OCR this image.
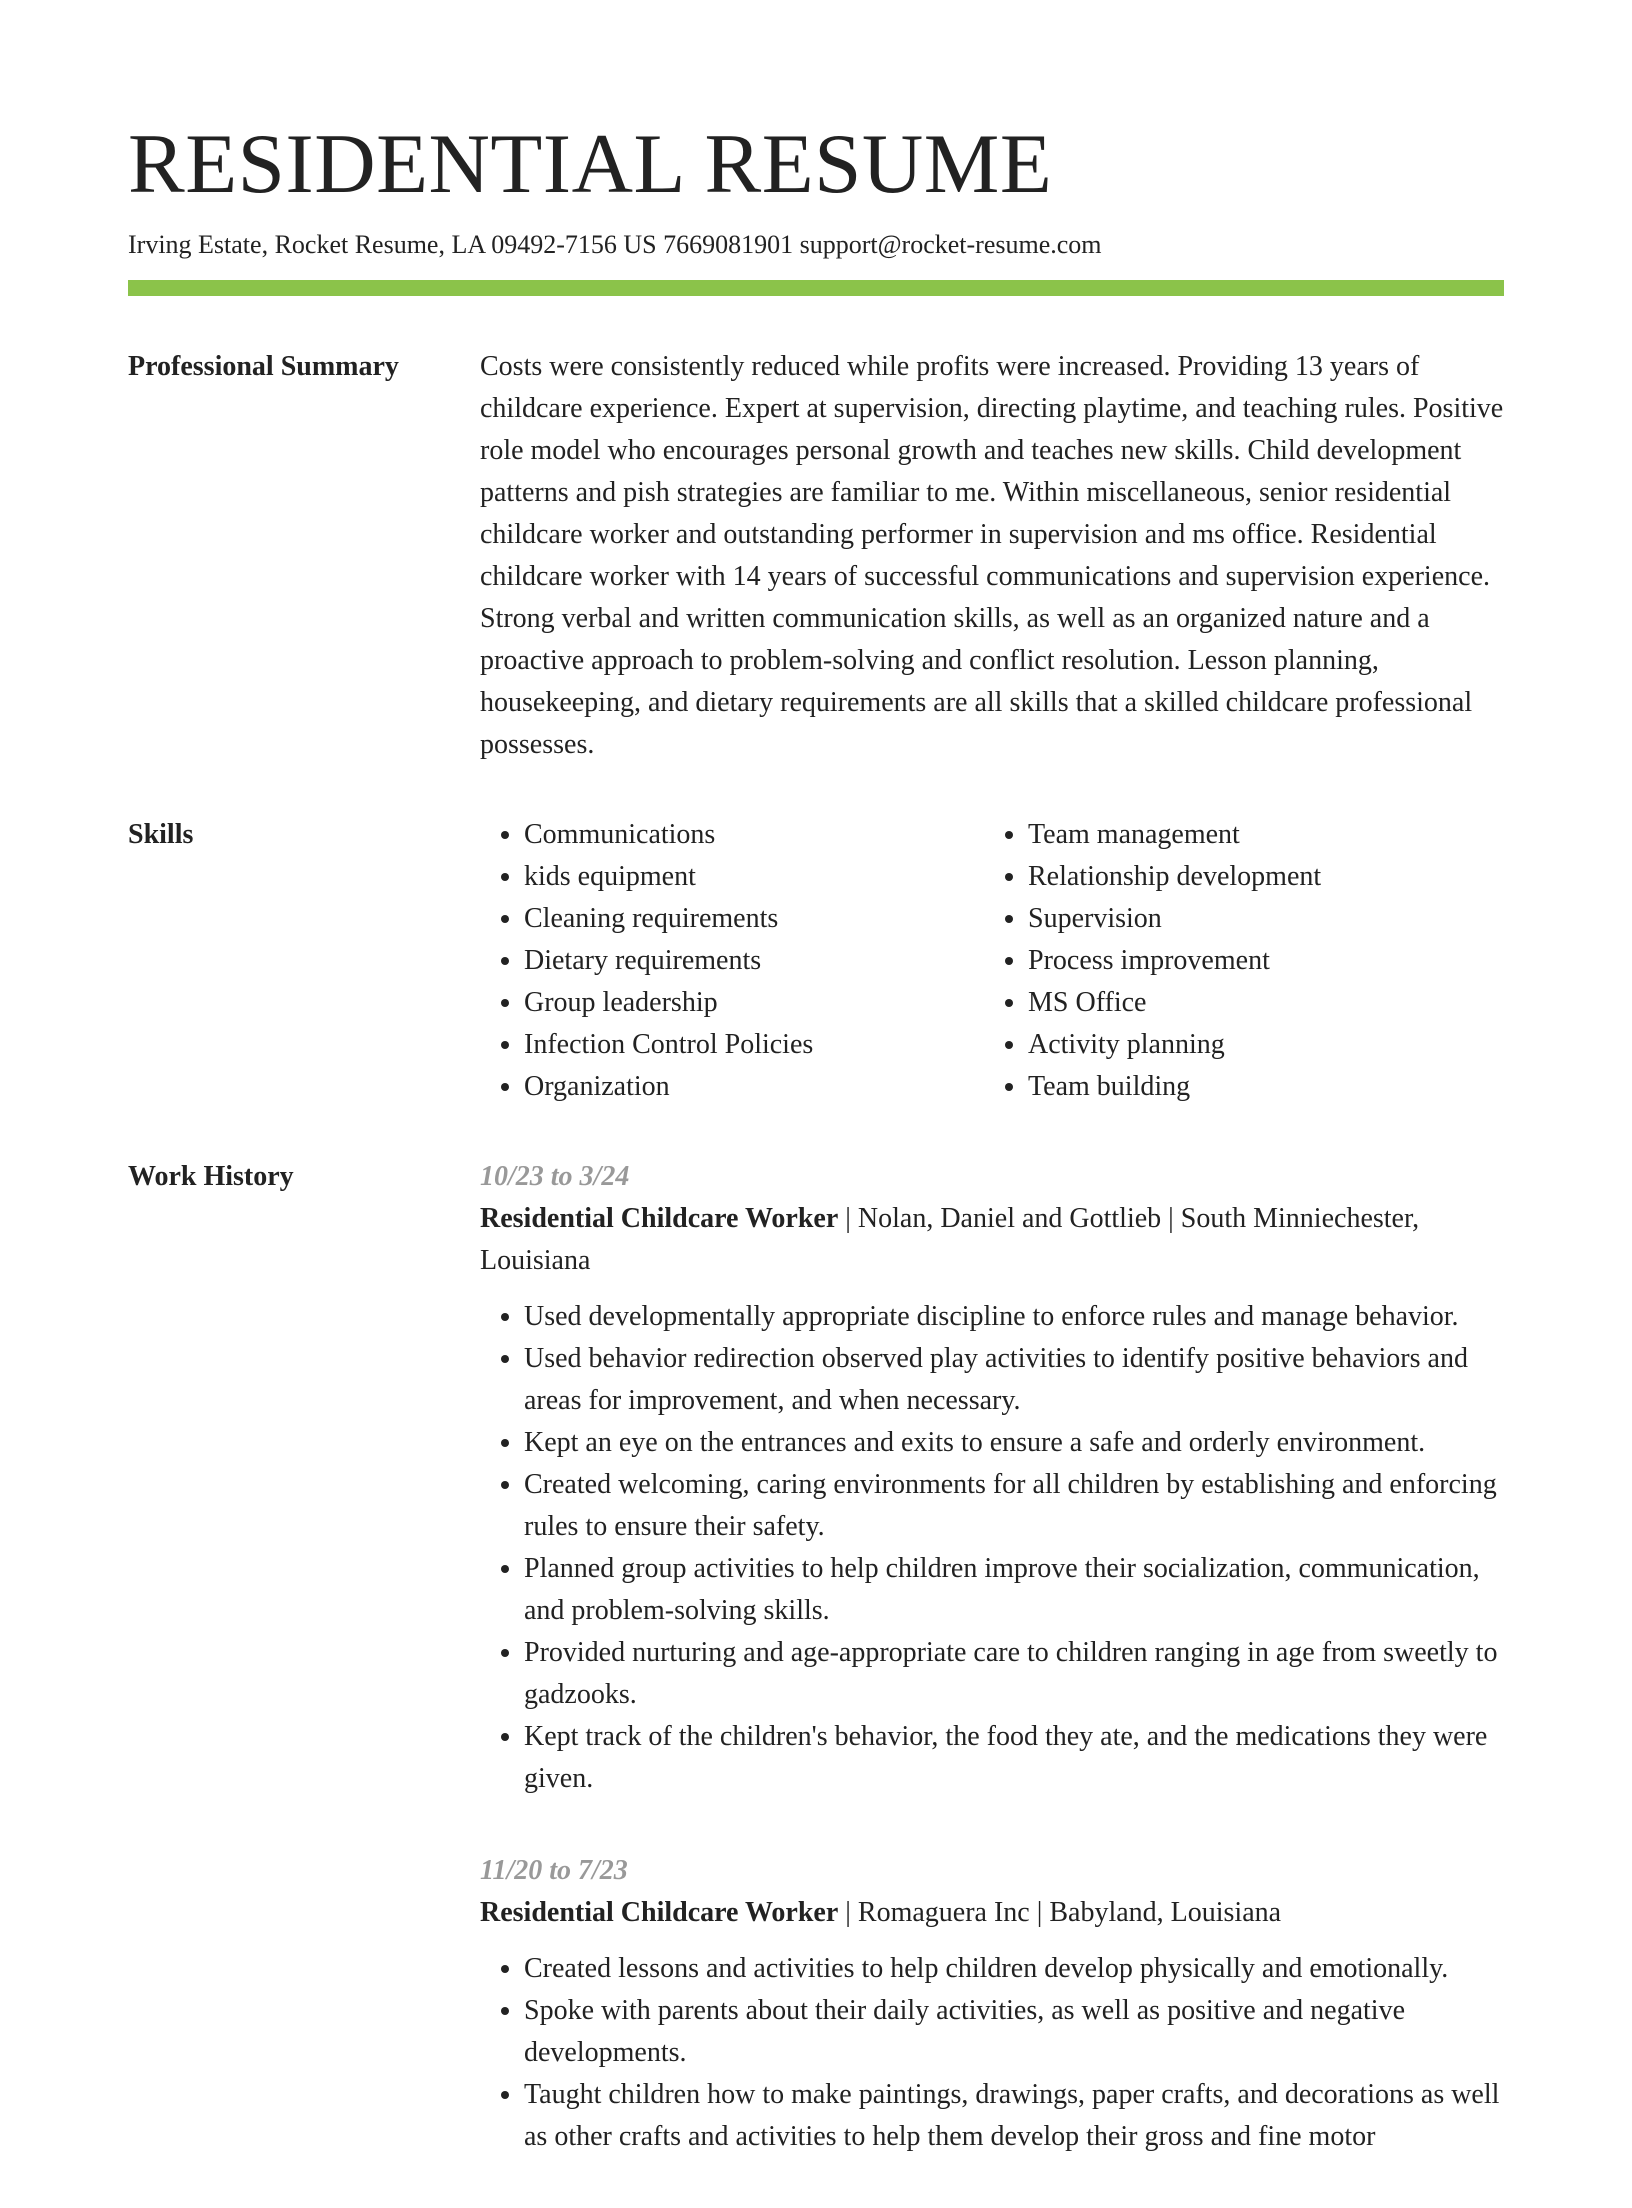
RESIDENTIAL RESUME
Irving Estate, Rocket Resume, LA 09492-7156 US 7669081901 support@rocket-resume.com
Professional Summary	Costs were consistently reduced while profits were increased. Providing 13 years of childcare experience. Expert at supervision, directing playtime, and teaching rules. Positive role model who encourages personal growth and teaches new skills. Child development patterns and pish strategies are familiar to me. Within miscellaneous, senior residential childcare worker and outstanding performer in supervision and ms office. Residential childcare worker with 14 years of successful communications and supervision experience. Strong verbal and written communication skills, as well as an organized nature and a proactive approach to problem-solving and conflict resolution. Lesson planning, housekeeping, and dietary requirements are all skills that a skilled childcare professional possesses.

Skills
•	Communications
• kids equipment
• Cleaning requirements
• Dietary requirements
• Group leadership
• Infection Control Policies
• Organization
• Team management
• Relationship development
• Supervision
• Process improvement
• MS Office
• Activity planning
• Team building
Work History	10/23 to 3/24
Residential Childcare Worker | Nolan, Daniel and Gottlieb | South Minniechester, Louisiana
• Used developmentally appropriate discipline to enforce rules and manage behavior.
• Used behavior redirection observed play activities to identify positive behaviors and areas for improvement, and when necessary.
• Kept an eye on the entrances and exits to ensure a safe and orderly environment.
• Created welcoming, caring environments for all children by establishing and enforcing rules to ensure their safety.
• Planned group activities to help children improve their socialization, communication, and problem-solving skills.
• Provided nurturing and age-appropriate care to children ranging in age from sweetly to gadzooks.
• Kept track of the children's behavior, the food they ate, and the medications they were given.
11/20 to 7/23
Residential Childcare Worker | Romaguera Inc | Babyland, Louisiana
• Created lessons and activities to help children develop physically and emotionally.
• Spoke with parents about their daily activities, as well as positive and negative developments.
• Taught children how to make paintings, drawings, paper crafts, and decorations as well as other crafts and activities to help them develop their gross and fine motor
